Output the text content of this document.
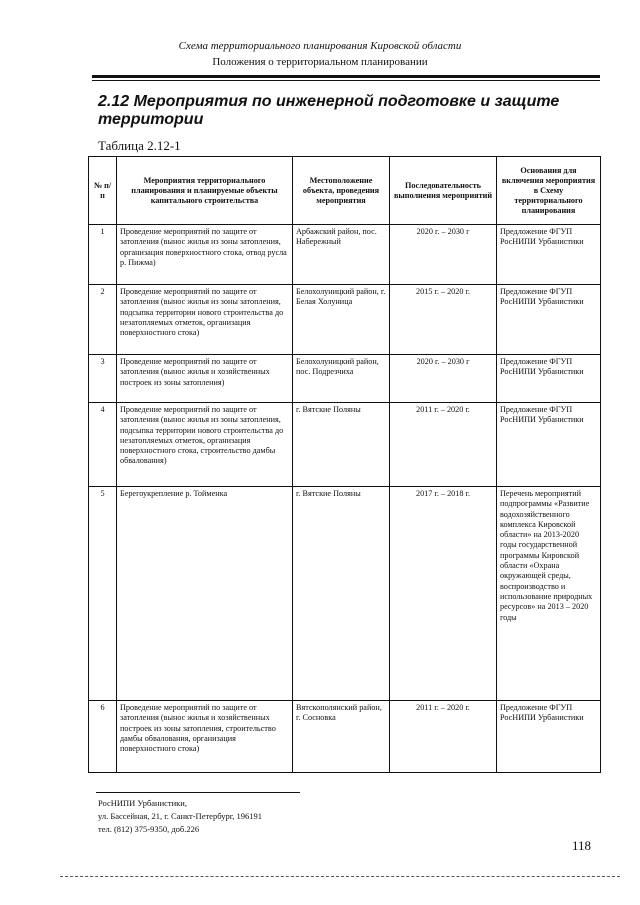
Схема территориального планирования Кировской области
Положения о территориальном планировании
2.12 Мероприятия по инженерной подготовке и защите территории
Таблица 2.12-1
№ п/п	Мероприятия территориального планирования и планируемые объекты капитального строительства	Местоположение объекта, проведения мероприятия	Последовательность выполнения мероприятий	Основания для включения мероприятия в Схему территориального планирования
1	Проведение мероприятий по защите от затопления (вынос жилья из зоны затопления, организация поверхностного стока, отвод русла р. Пижма)	Арбажский район, пос. Набережный	2020 г. – 2030 г	Предложение ФГУП РосНИПИ Урбанистики
2	Проведение мероприятий по защите от затопления (вынос жилья из зоны затопления, подсыпка территории нового строительства до незатопляемых отметок, организация поверхностного стока)	Белохолуницкий район, г. Белая Холуница	2015 г. – 2020 г.	Предложение ФГУП РосНИПИ Урбанистики
3	Проведение мероприятий по защите от затопления (вынос жилья и хозяйственных построек из зоны затопления)	Белохолуницкий район, пос. Подрезчиха	2020 г. – 2030 г	Предложение ФГУП РосНИПИ Урбанистики
4	Проведение мероприятий по защите от затопления (вынос жилья из зоны затопления, подсыпка территории нового строительства до незатопляемых отметок, организация поверхностного стока, строительство дамбы обвалования)	г. Вятские Поляны	2011 г. – 2020 г.	Предложение ФГУП РосНИПИ Урбанистики
5	Берегоукрепление р. Тойменка	г. Вятские Поляны	2017 г. – 2018 г.	Перечень мероприятий подпрограммы «Развитие водохозяйственного комплекса Кировской области» на 2013-2020 годы государственной программы Кировской области «Охрана окружающей среды, воспроизводство и использование природных ресурсов» на 2013 – 2020 годы
6	Проведение мероприятий по защите от затопления (вынос жилья и хозяйственных построек из зоны затопления, строительство дамбы обвалования, организация поверхностного стока)	Вятскополянский район, г. Сосновка	2011 г. – 2020 г.	Предложение ФГУП РосНИПИ Урбанистики
РосНИПИ Урбанистики,
ул. Бассейная, 21, г. Санкт-Петербург, 196191
тел. (812) 375-9350, доб.226
118
